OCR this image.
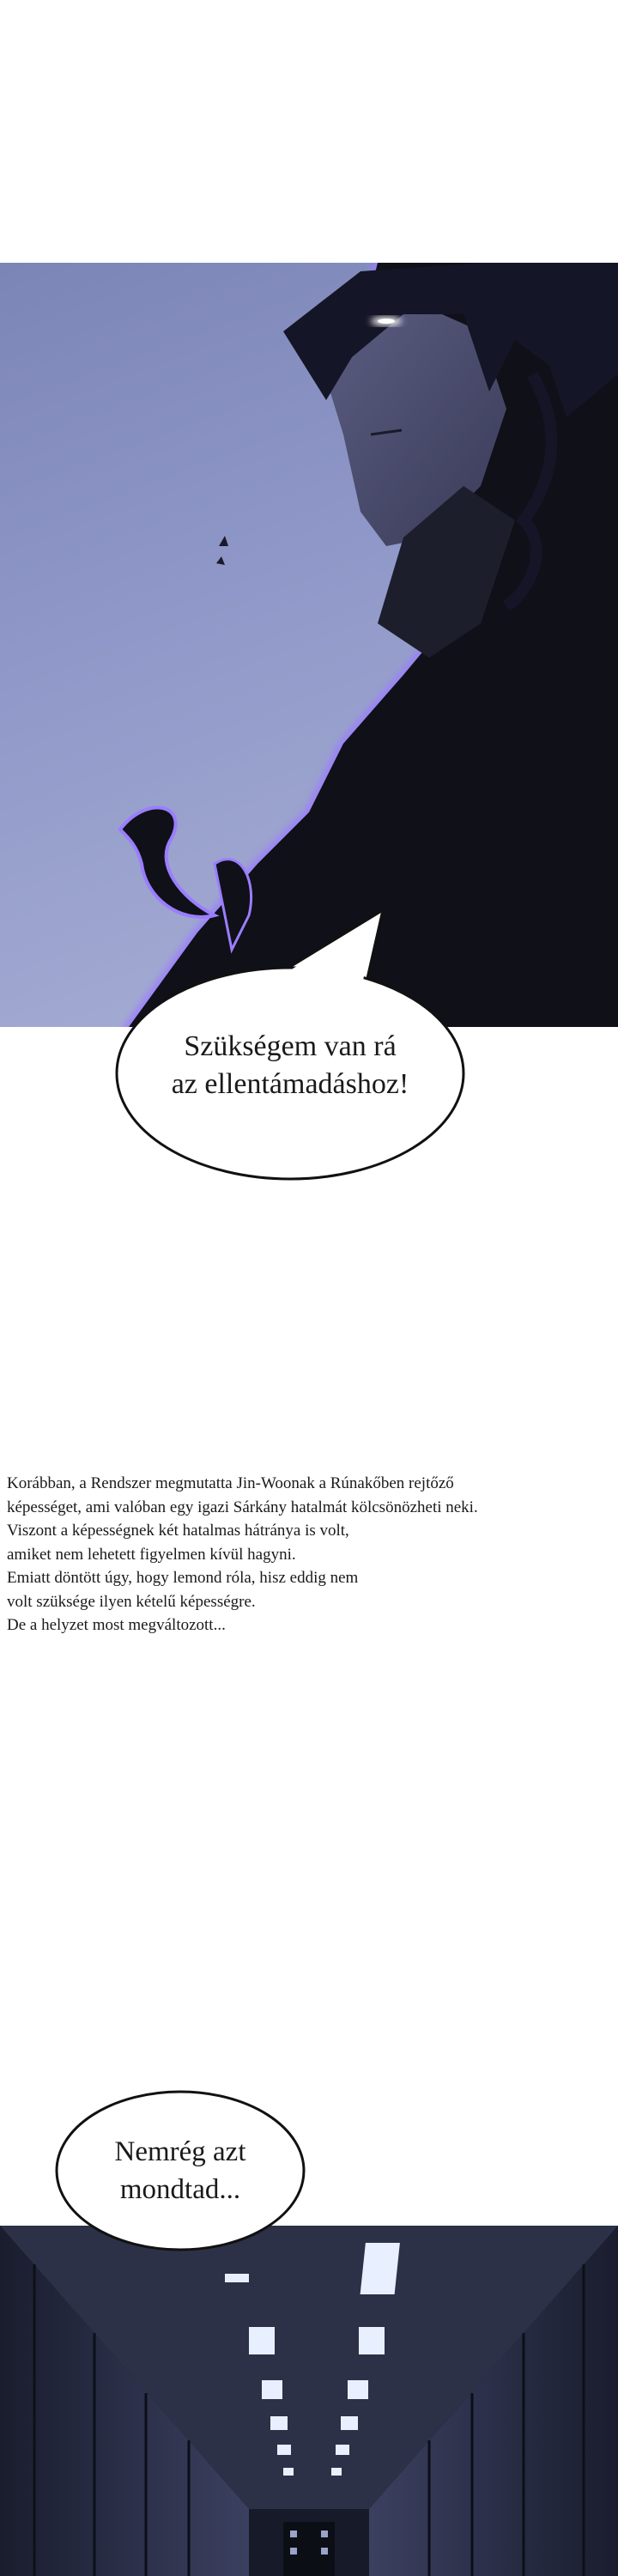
Szükségem van rá
az ellentámadáshoz!
Korábban, a Rendszer megmutatta Jin-Woonak a Rúnakőben rejtőző
képességet, ami valóban egy igazi Sárkány hatalmát kölcsönözheti neki.
Viszont a képességnek két hatalmas hátránya is volt,
amiket nem lehetett figyelmen kívül hagyni.
Emiatt döntött úgy, hogy lemond róla, hisz eddig nem
volt szüksége ilyen kételű képességre.
De a helyzet most megváltozott...
Nemrég azt
mondtad...
